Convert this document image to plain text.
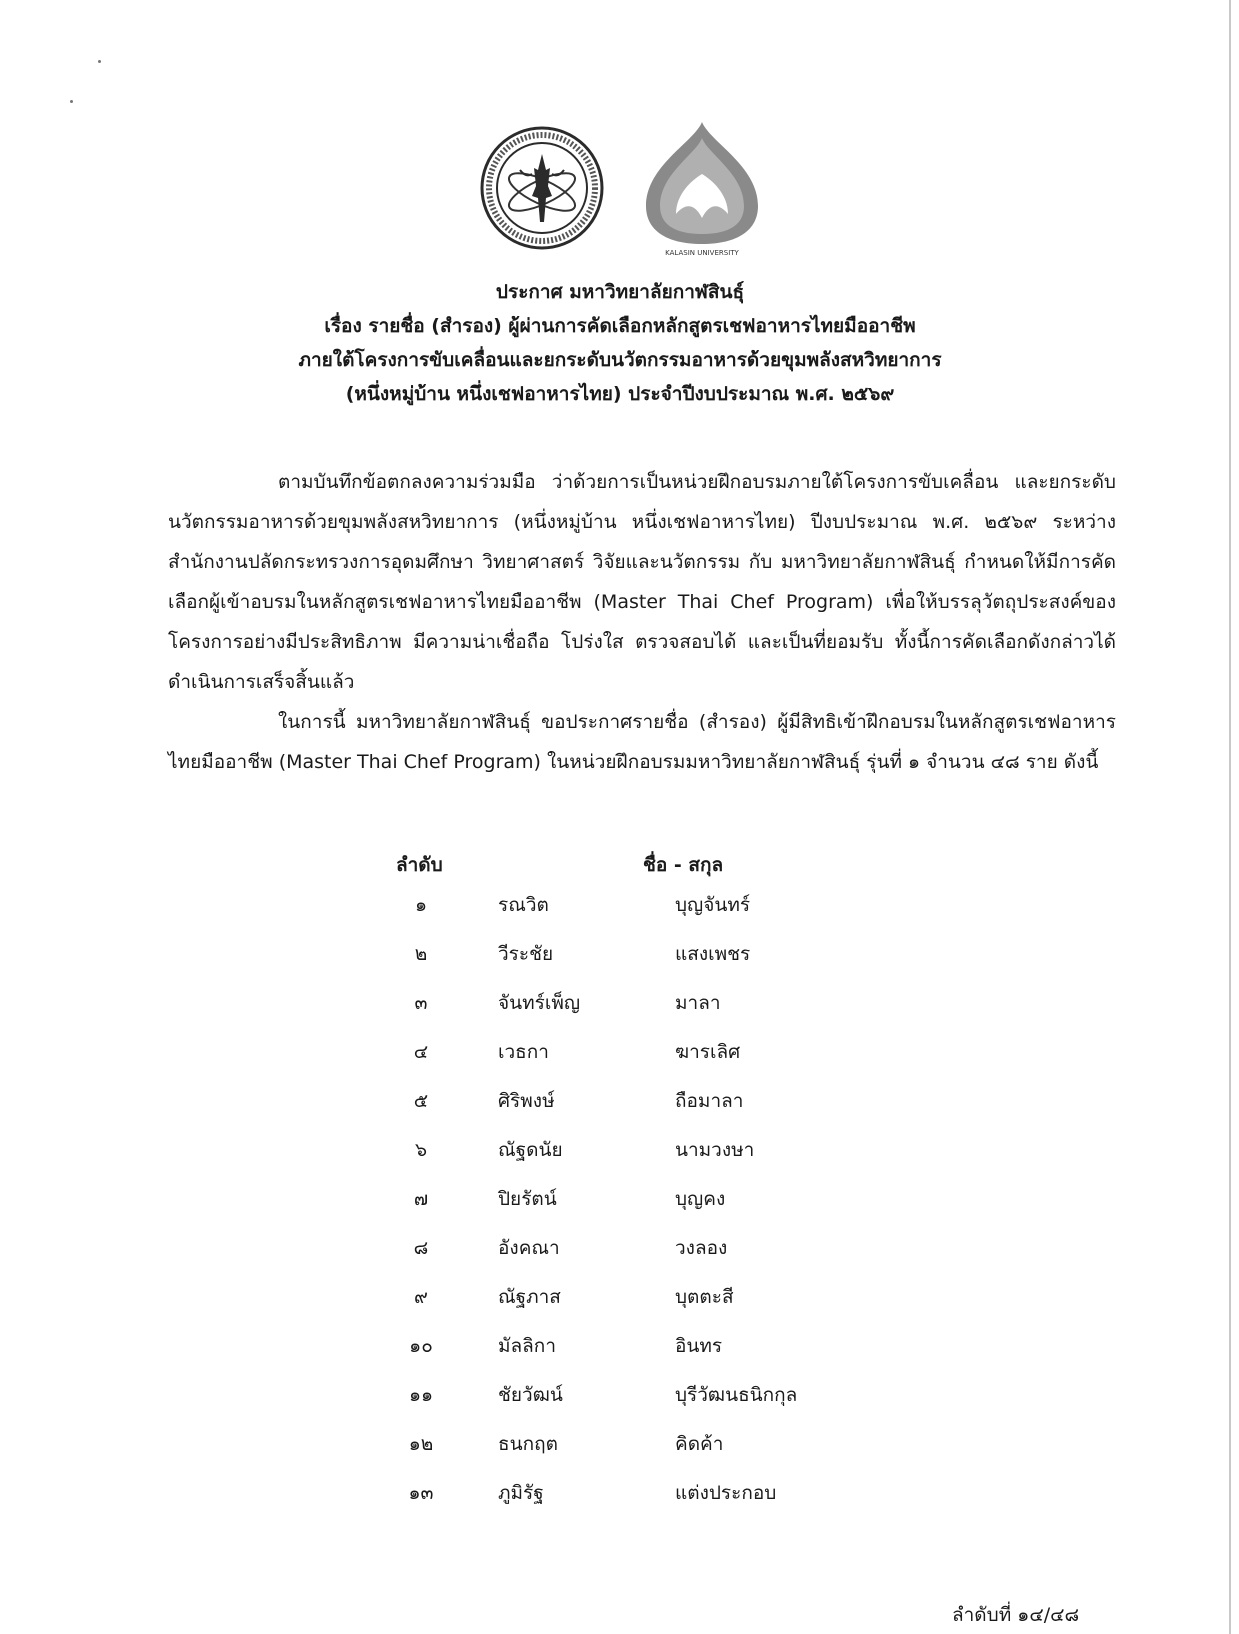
KALASIN UNIVERSITY
ประกาศ มหาวิทยาลัยกาฬสินธุ์
เรื่อง รายชื่อ (สำรอง) ผู้ผ่านการคัดเลือกหลักสูตรเชฟอาหารไทยมืออาชีพ
ภายใต้โครงการขับเคลื่อนและยกระดับนวัตกรรมอาหารด้วยขุมพลังสหวิทยาการ
(หนึ่งหมู่บ้าน หนึ่งเชฟอาหารไทย) ประจำปีงบประมาณ พ.ศ. ๒๕๖๙

ตามบันทึกข้อตกลงความร่วมมือ ว่าด้วยการเป็นหน่วยฝึกอบรมภายใต้โครงการขับเคลื่อน และยกระดับนวัตกรรมอาหารด้วยขุมพลังสหวิทยาการ (หนึ่งหมู่บ้าน หนึ่งเชฟอาหารไทย) ปีงบประมาณ พ.ศ. ๒๕๖๙ ระหว่างสำนักงานปลัดกระทรวงการอุดมศึกษา วิทยาศาสตร์ วิจัยและนวัตกรรม กับ มหาวิทยาลัยกาฬสินธุ์ กำหนดให้มีการคัดเลือกผู้เข้าอบรมในหลักสูตรเชฟอาหารไทยมืออาชีพ (Master Thai Chef Program) เพื่อให้บรรลุวัตถุประสงค์ของโครงการอย่างมีประสิทธิภาพ มีความน่าเชื่อถือ โปร่งใส ตรวจสอบได้ และเป็นที่ยอมรับ ทั้งนี้การคัดเลือกดังกล่าวได้ดำเนินการเสร็จสิ้นแล้ว

ในการนี้ มหาวิทยาลัยกาฬสินธุ์ ขอประกาศรายชื่อ (สำรอง) ผู้มีสิทธิเข้าฝึกอบรมในหลักสูตรเชฟอาหารไทยมืออาชีพ (Master Thai Chef Program) ในหน่วยฝึกอบรมมหาวิทยาลัยกาฬสินธุ์ รุ่นที่ ๑ จำนวน ๔๘ ราย ดังนี้

ลำดับ	ชื่อ - สกุล
๑	รณวิต	บุญจันทร์
๒	วีระชัย	แสงเพชร
๓	จันทร์เพ็ญ	มาลา
๔	เวธกา	ฆารเลิศ
๕	ศิริพงษ์	ถือมาลา
๖	ณัฐดนัย	นามวงษา
๗	ปิยรัตน์	บุญคง
๘	อังคณา	วงลอง
๙	ณัฐภาส	บุตตะสี
๑๐	มัลลิกา	อินทร
๑๑	ชัยวัฒน์	บุรีวัฒนธนิกกุล
๑๒	ธนกฤต	คิดค้า
๑๓	ภูมิรัฐ	แต่งประกอบ
ลำดับที่ ๑๔/๔๘
